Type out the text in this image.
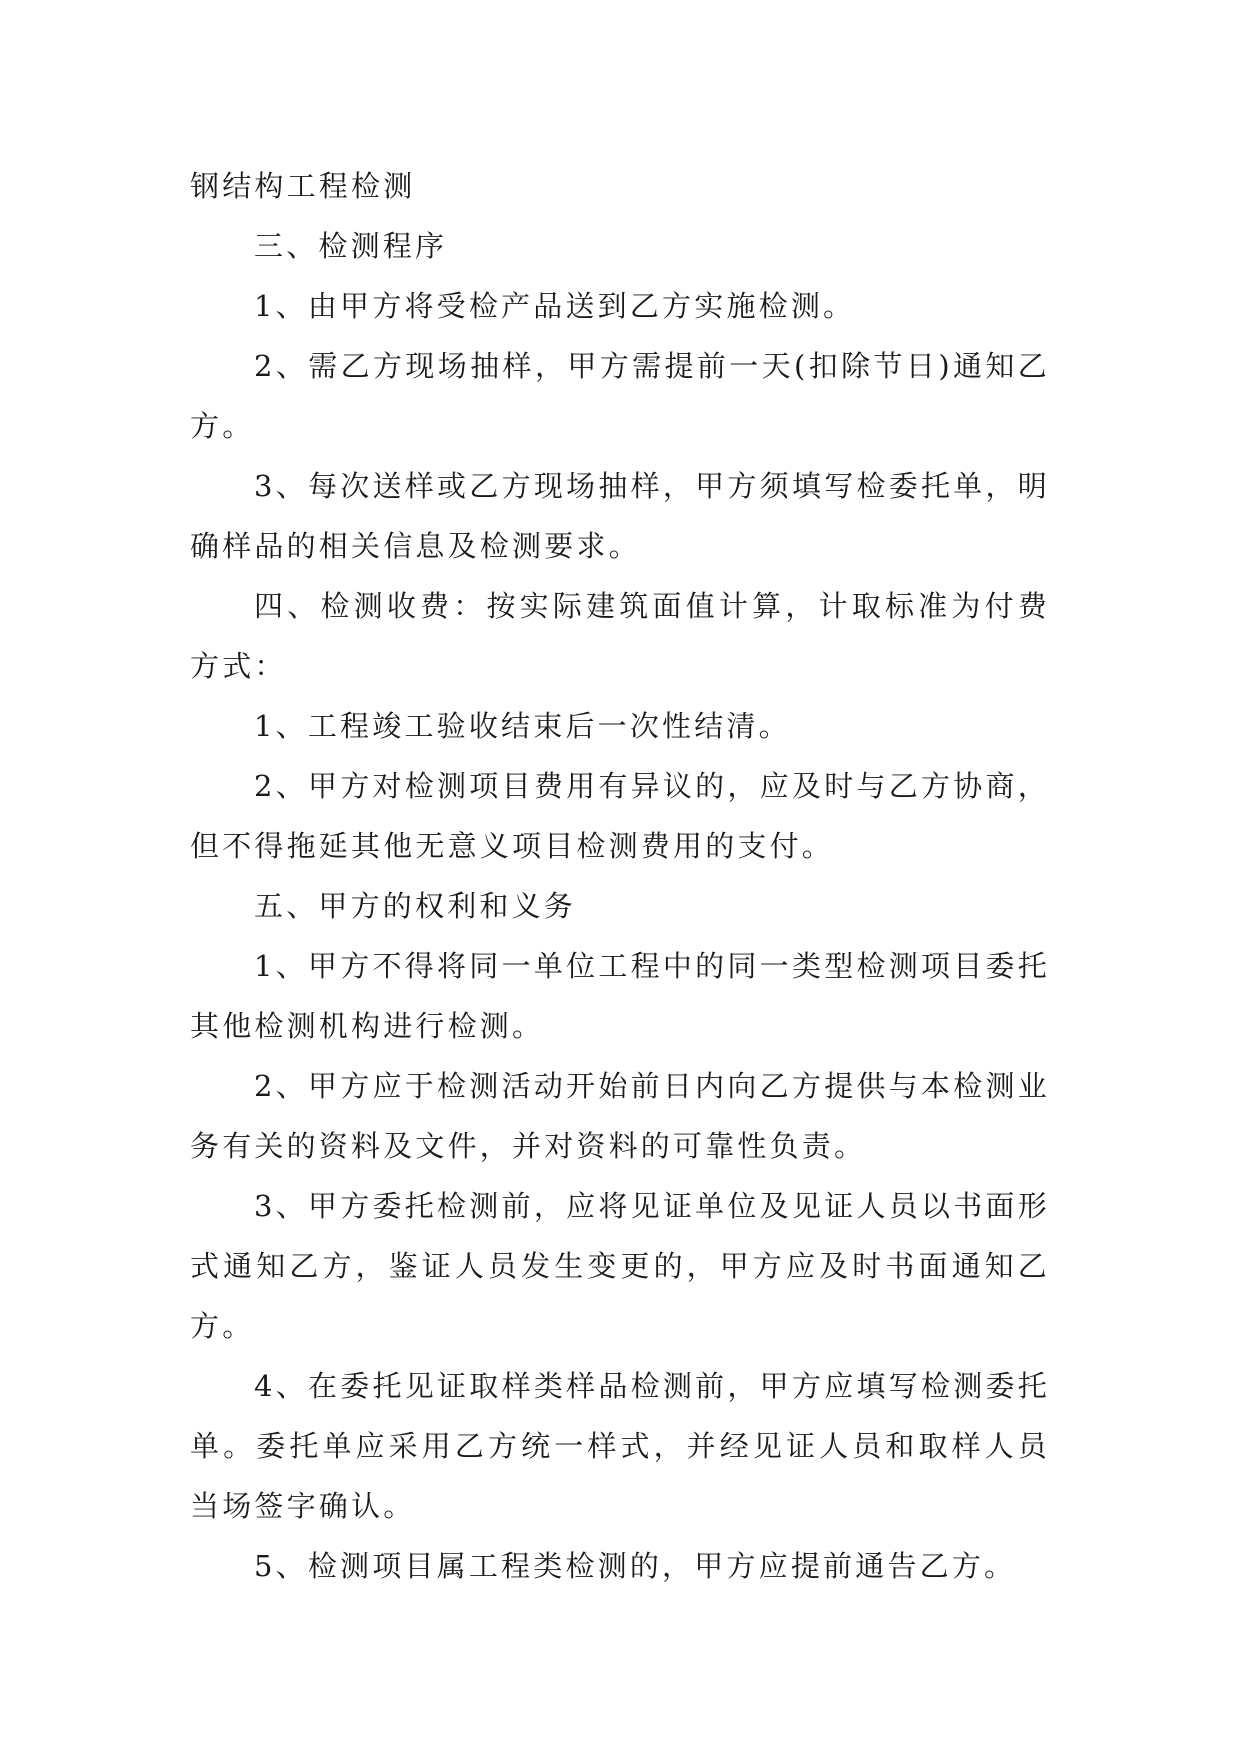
钢结构工程检测

三、检测程序

1、由甲方将受检产品送到乙方实施检测。

2、需乙方现场抽样，甲方需提前一天(扣除节日)通知乙方。

3、每次送样或乙方现场抽样，甲方须填写检委托单，明确样品的相关信息及检测要求。

四、检测收费：按实际建筑面值计算，计取标准为付费方式：

1、工程竣工验收结束后一次性结清。

2、甲方对检测项目费用有异议的，应及时与乙方协商，但不得拖延其他无意义项目检测费用的支付。

五、甲方的权利和义务

1、甲方不得将同一单位工程中的同一类型检测项目委托其他检测机构进行检测。

2、甲方应于检测活动开始前日内向乙方提供与本检测业务有关的资料及文件，并对资料的可靠性负责。

3、甲方委托检测前，应将见证单位及见证人员以书面形式通知乙方，鉴证人员发生变更的，甲方应及时书面通知乙方。

4、在委托见证取样类样品检测前，甲方应填写检测委托单。委托单应采用乙方统一样式，并经见证人员和取样人员当场签字确认。

5、检测项目属工程类检测的，甲方应提前通告乙方。
